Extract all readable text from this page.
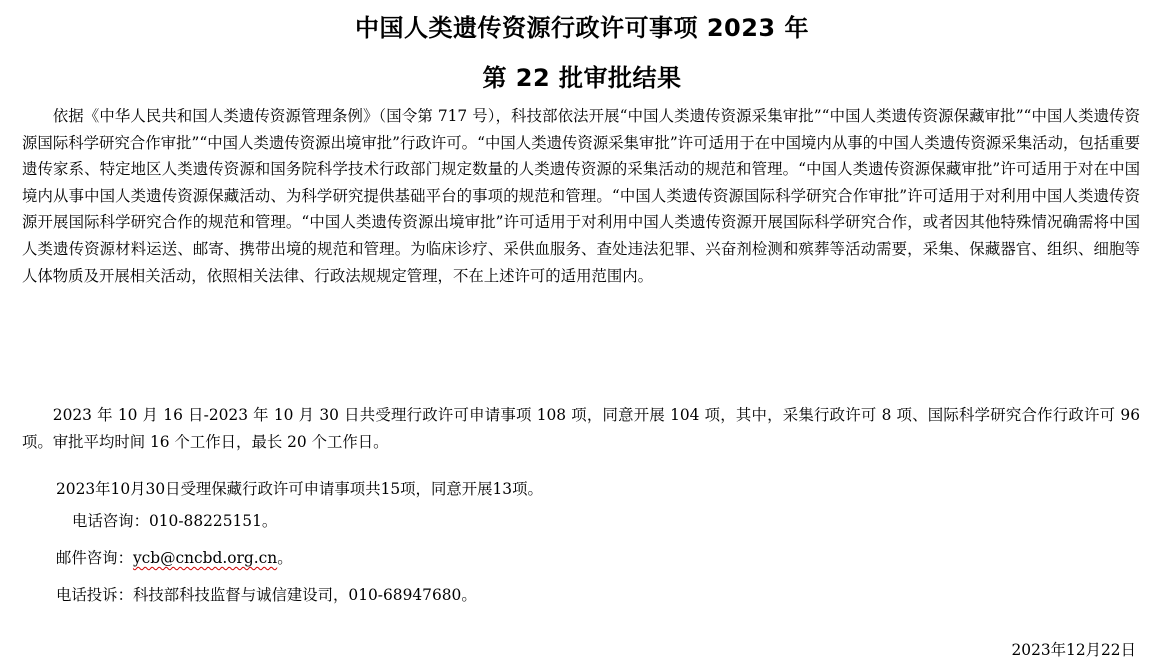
中国人类遗传资源行政许可事项 2023 年
第 22 批审批结果

依据《中华人民共和国人类遗传资源管理条例》（国令第 717 号），科技部依法开展“中国人类遗传资源采集审批”“中国人类遗传资源保藏审批”“中国人类遗传资源国际科学研究合作审批”“中国人类遗传资源出境审批”行政许可。“中国人类遗传资源采集审批”许可适用于在中国境内从事的中国人类遗传资源采集活动，包括重要遗传家系、特定地区人类遗传资源和国务院科学技术行政部门规定数量的人类遗传资源的采集活动的规范和管理。“中国人类遗传资源保藏审批”许可适用于对在中国境内从事中国人类遗传资源保藏活动、为科学研究提供基础平台的事项的规范和管理。“中国人类遗传资源国际科学研究合作审批”许可适用于对利用中国人类遗传资源开展国际科学研究合作的规范和管理。“中国人类遗传资源出境审批”许可适用于对利用中国人类遗传资源开展国际科学研究合作，或者因其他特殊情况确需将中国人类遗传资源材料运送、邮寄、携带出境的规范和管理。为临床诊疗、采供血服务、查处违法犯罪、兴奋剂检测和殡葬等活动需要，采集、保藏器官、组织、细胞等人体物质及开展相关活动，依照相关法律、行政法规规定管理，不在上述许可的适用范围内。

2023 年 10 月 16 日-2023 年 10 月 30 日共受理行政许可申请事项 108 项，同意开展 104 项，其中，采集行政许可 8 项、国际科学研究合作行政许可 96 项。审批平均时间 16 个工作日，最长 20 个工作日。

2023年10月30日受理保藏行政许可申请事项共15项，同意开展13项。

电话咨询：010-88225151。

邮件咨询：ycb@cncbd.org.cn。

电话投诉：科技部科技监督与诚信建设司，010-68947680。

2023年12月22日
